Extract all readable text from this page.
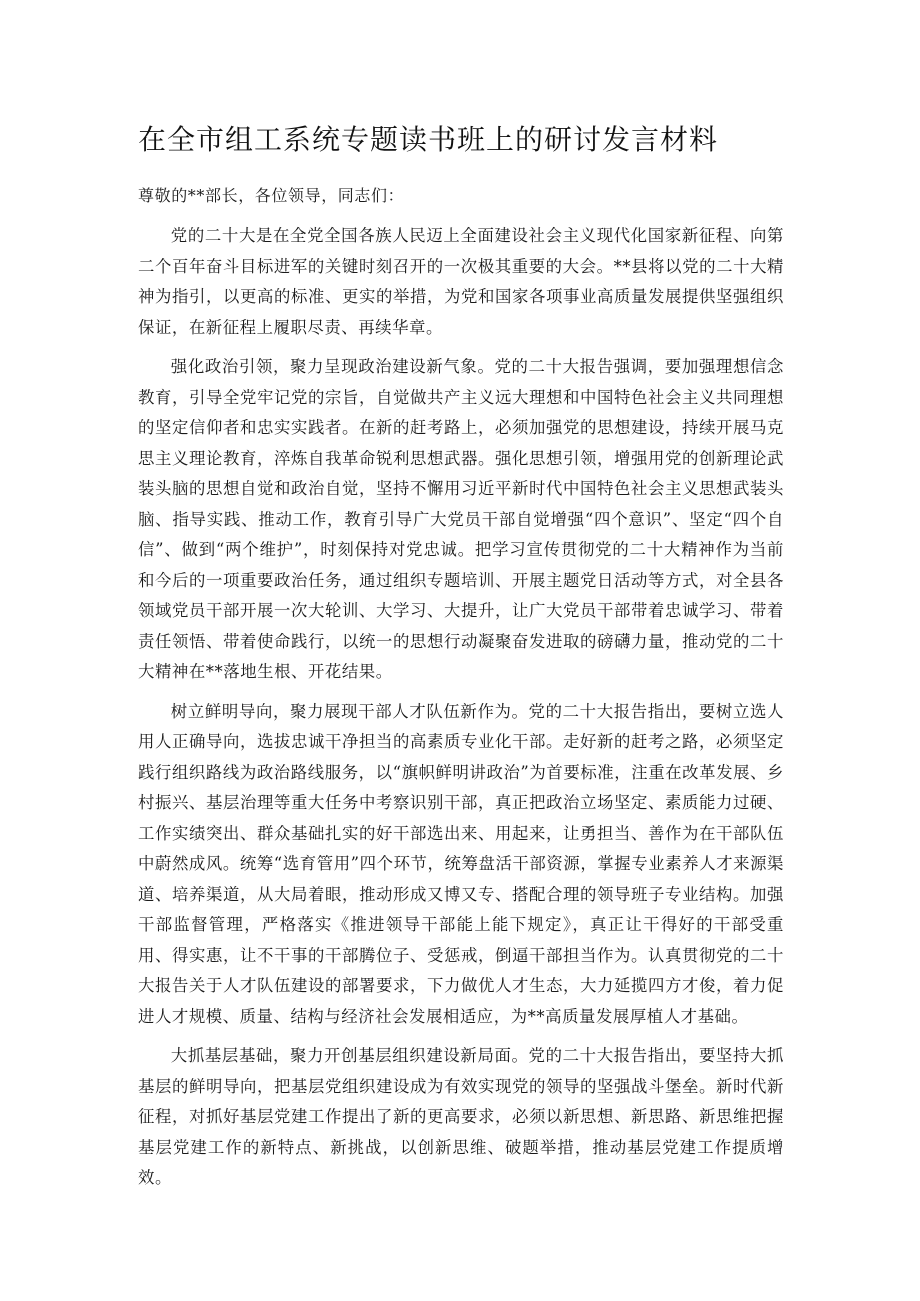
在全市组工系统专题读书班上的研讨发言材料

尊敬的**部长，各位领导，同志们：

党的二十大是在全党全国各族人民迈上全面建设社会主义现代化国家新征程、向第二个百年奋斗目标进军的关键时刻召开的一次极其重要的大会。**县将以党的二十大精神为指引，以更高的标准、更实的举措，为党和国家各项事业高质量发展提供坚强组织保证，在新征程上履职尽责、再续华章。

强化政治引领，聚力呈现政治建设新气象。党的二十大报告强调，要加强理想信念教育，引导全党牢记党的宗旨，自觉做共产主义远大理想和中国特色社会主义共同理想的坚定信仰者和忠实实践者。在新的赶考路上，必须加强党的思想建设，持续开展马克思主义理论教育，淬炼自我革命锐利思想武器。强化思想引领，增强用党的创新理论武装头脑的思想自觉和政治自觉，坚持不懈用习近平新时代中国特色社会主义思想武装头脑、指导实践、推动工作，教育引导广大党员干部自觉增强“四个意识”、坚定“四个自信”、做到“两个维护”，时刻保持对党忠诚。把学习宣传贯彻党的二十大精神作为当前和今后的一项重要政治任务，通过组织专题培训、开展主题党日活动等方式，对全县各领域党员干部开展一次大轮训、大学习、大提升，让广大党员干部带着忠诚学习、带着责任领悟、带着使命践行，以统一的思想行动凝聚奋发进取的磅礴力量，推动党的二十大精神在**落地生根、开花结果。

树立鲜明导向，聚力展现干部人才队伍新作为。党的二十大报告指出，要树立选人用人正确导向，选拔忠诚干净担当的高素质专业化干部。走好新的赶考之路，必须坚定践行组织路线为政治路线服务，以“旗帜鲜明讲政治”为首要标准，注重在改革发展、乡村振兴、基层治理等重大任务中考察识别干部，真正把政治立场坚定、素质能力过硬、工作实绩突出、群众基础扎实的好干部选出来、用起来，让勇担当、善作为在干部队伍中蔚然成风。统筹“选育管用”四个环节，统筹盘活干部资源，掌握专业素养人才来源渠道、培养渠道，从大局着眼，推动形成又博又专、搭配合理的领导班子专业结构。加强干部监督管理，严格落实《推进领导干部能上能下规定》，真正让干得好的干部受重用、得实惠，让不干事的干部腾位子、受惩戒，倒逼干部担当作为。认真贯彻党的二十大报告关于人才队伍建设的部署要求，下力做优人才生态，大力延揽四方才俊，着力促进人才规模、质量、结构与经济社会发展相适应，为**高质量发展厚植人才基础。

大抓基层基础，聚力开创基层组织建设新局面。党的二十大报告指出，要坚持大抓基层的鲜明导向，把基层党组织建设成为有效实现党的领导的坚强战斗堡垒。新时代新征程，对抓好基层党建工作提出了新的更高要求，必须以新思想、新思路、新思维把握基层党建工作的新特点、新挑战，以创新思维、破题举措，推动基层党建工作提质增效。
